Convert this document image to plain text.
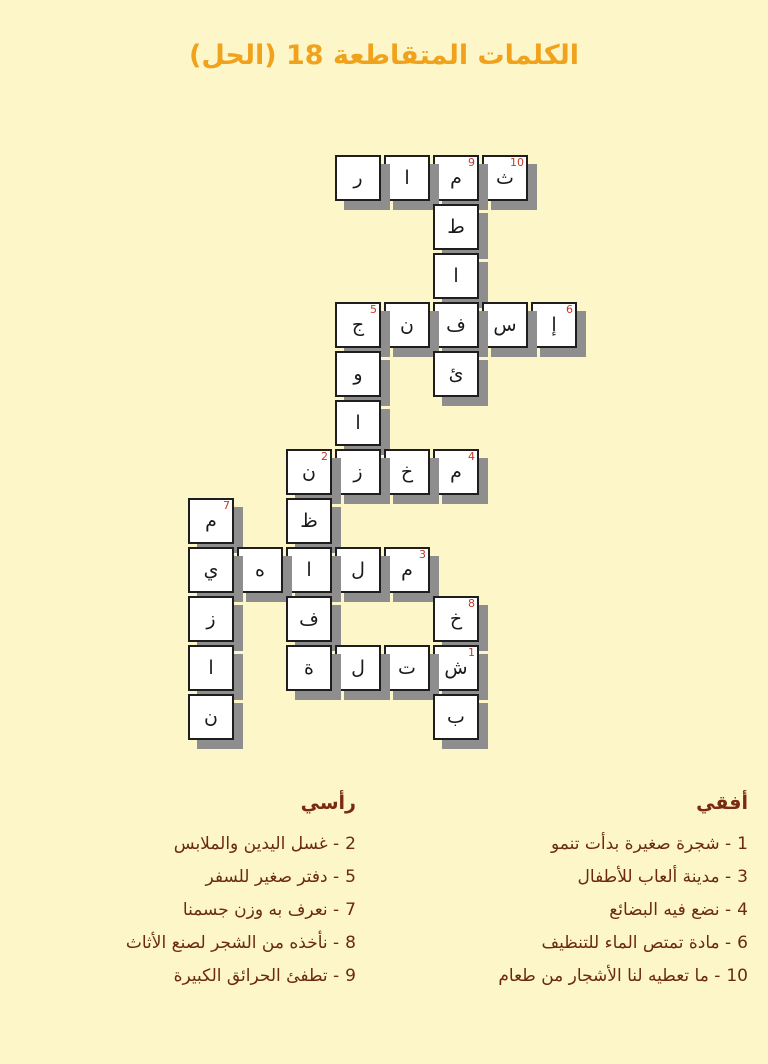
الكلمات المتقاطعة 18 (الحل)
ث
10
م
9
ا
ر
ط
ا
إ
6
س
ف
ن
ج
5
و	ئ
ا
م
4
خ
ز
ن
2
م
7
ظ
م
3
ل
ا
ه
ي
خ
8
ف
ز
ش
1
ت
ل
ة
ا
ب
ن
أفقي
1- شجرة صغيرة بدأت تنمو
3- مدينة ألعاب للأطفال
4- نضع فيه البضائع
6- مادة تمتص الماء للتنظيف
10- ما تعطيه لنا الأشجار من طعام
رأسي
2- غسل اليدين والملابس
5- دفتر صغير للسفر
7- نعرف به وزن جسمنا
8- نأخذه من الشجر لصنع الأثاث
9- تطفئ الحرائق الكبيرة
